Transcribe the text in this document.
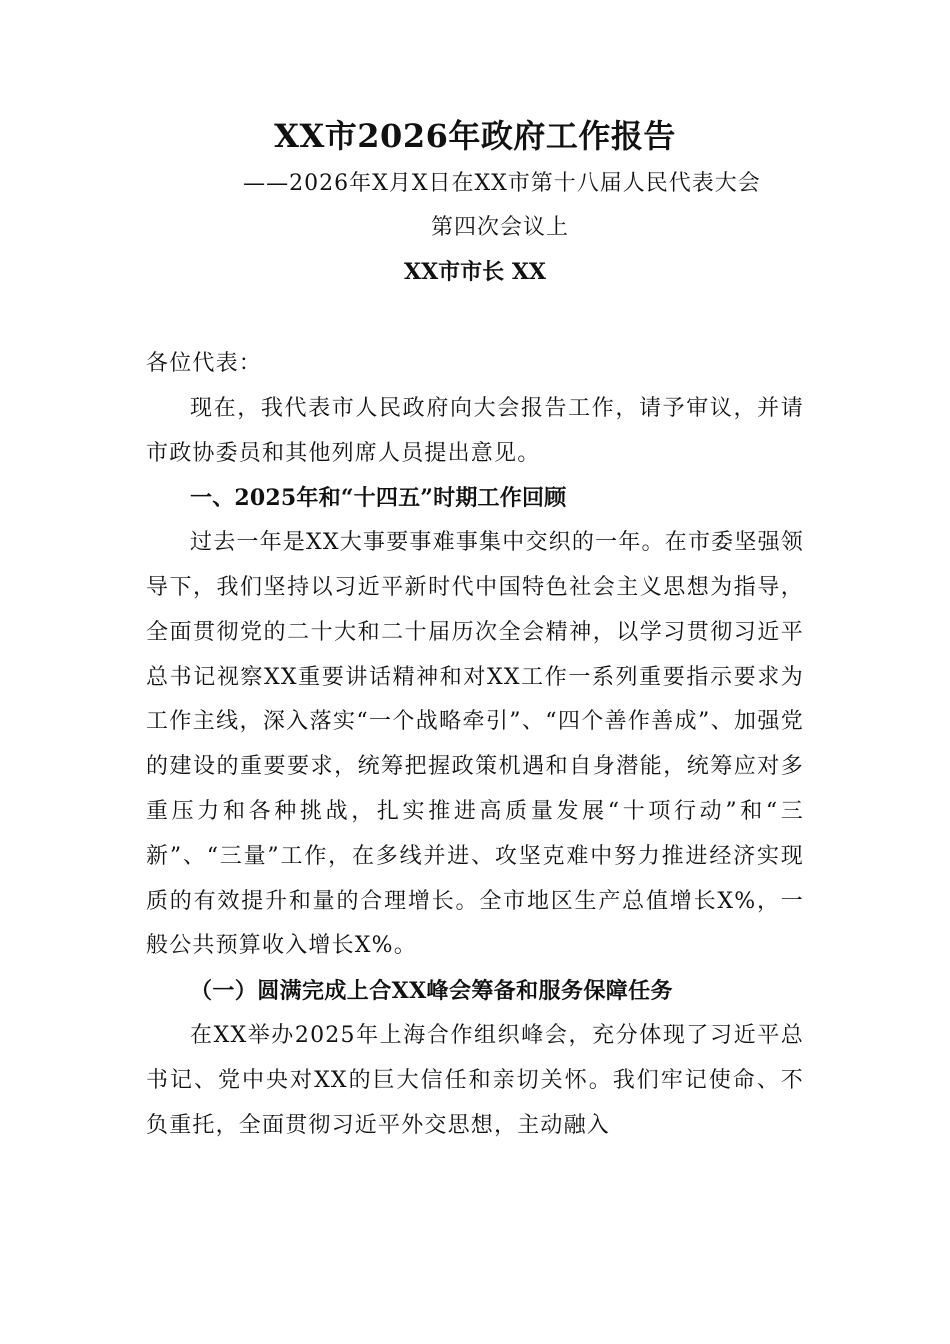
XX市2026年政府工作报告
——2026年X月X日在XX市第十八届人民代表大会
第四次会议上
XX市市长 XX

各位代表：

现在，我代表市人民政府向大会报告工作，请予审议，并请市政协委员和其他列席人员提出意见。

一、2025年和“十四五”时期工作回顾

过去一年是XX大事要事难事集中交织的一年。在市委坚强领导下，我们坚持以习近平新时代中国特色社会主义思想为指导，全面贯彻党的二十大和二十届历次全会精神，以学习贯彻习近平总书记视察XX重要讲话精神和对XX工作一系列重要指示要求为工作主线，深入落实“一个战略牵引”、“四个善作善成”、加强党的建设的重要要求，统筹把握政策机遇和自身潜能，统筹应对多重压力和各种挑战，扎实推进高质量发展“十项行动”和“三新”、“三量”工作，在多线并进、攻坚克难中努力推进经济实现质的有效提升和量的合理增长。全市地区生产总值增长X%，一般公共预算收入增长X%。

（一）圆满完成上合XX峰会筹备和服务保障任务

在XX举办2025年上海合作组织峰会，充分体现了习近平总书记、党中央对XX的巨大信任和亲切关怀。我们牢记使命、不负重托，全面贯彻习近平外交思想，主动融入
